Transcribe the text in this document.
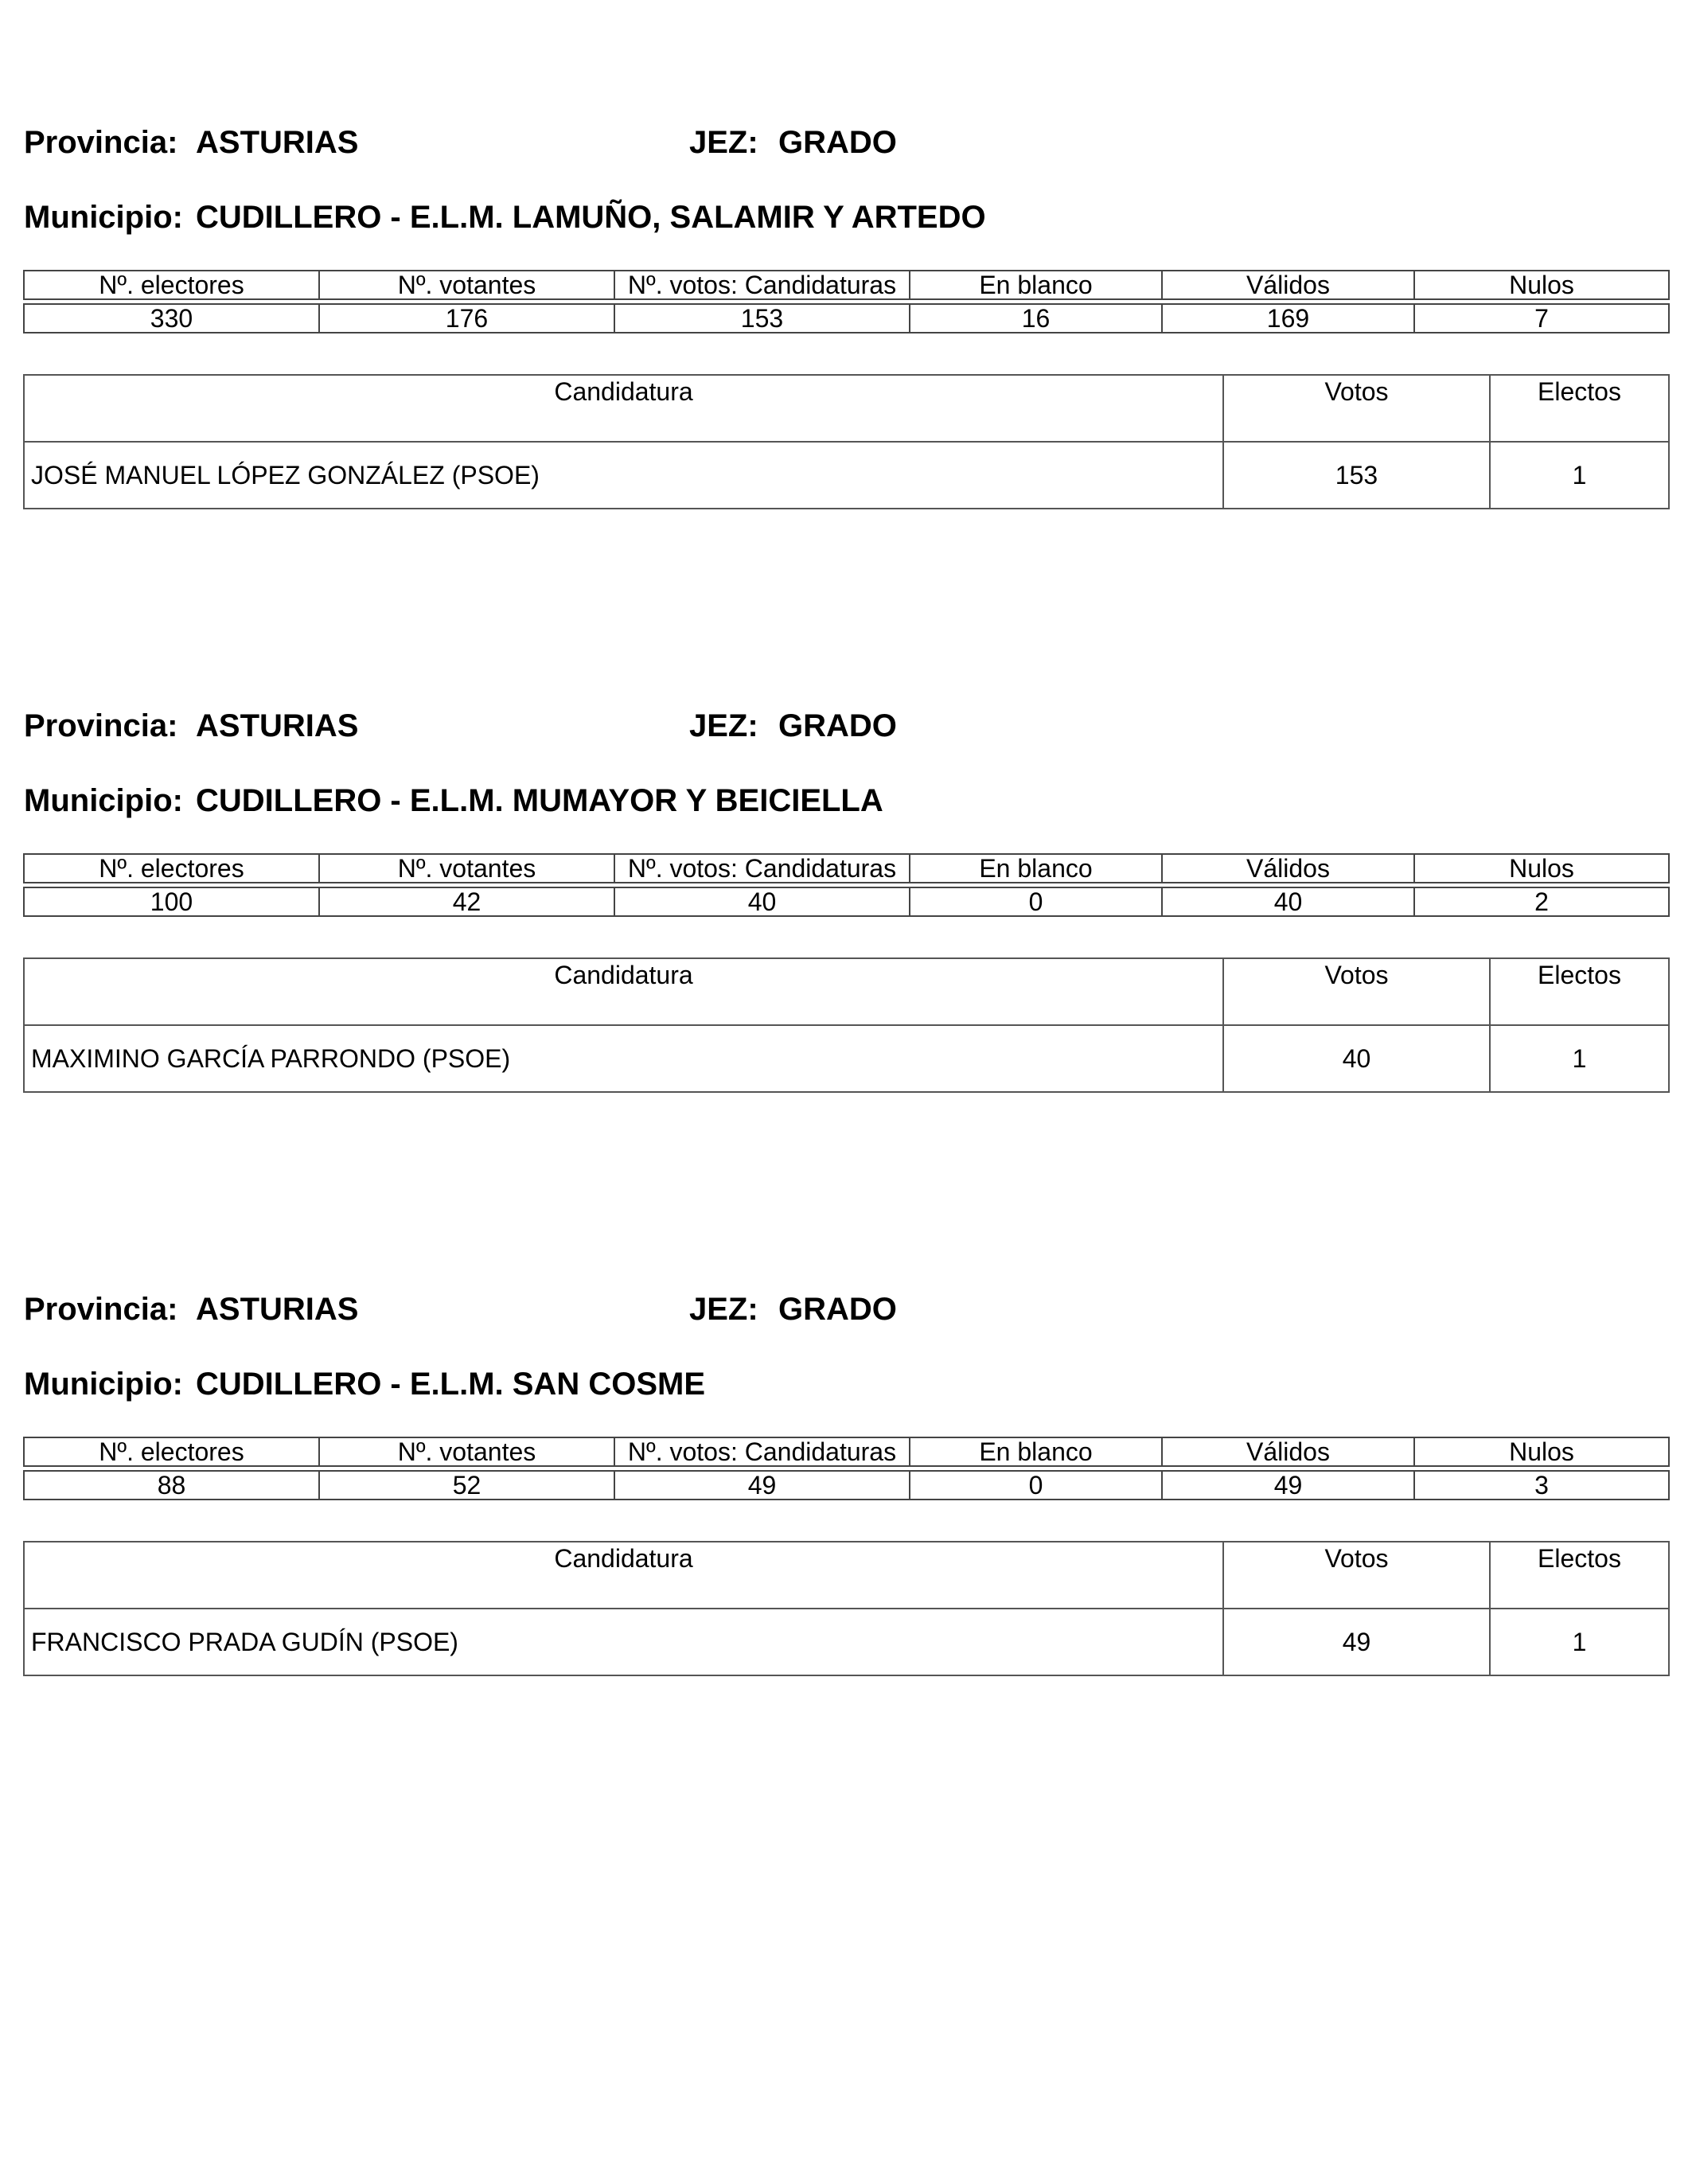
Provincia: ASTURIAS	JEZ: GRADO
Municipio: CUDILLERO - E.L.M. LAMUÑO, SALAMIR Y ARTEDO
Nº. electores	Nº. votantes	Nº. votos: Candidaturas	En blanco	Válidos	Nulos

330	176	153	16	169	7
Candidatura	Votos	Electos
JOSÉ MANUEL LÓPEZ GONZÁLEZ (PSOE)	153	1
Provincia: ASTURIAS	JEZ: GRADO
Municipio: CUDILLERO - E.L.M. MUMAYOR Y BEICIELLA
Nº. electores	Nº. votantes	Nº. votos: Candidaturas	En blanco	Válidos	Nulos

100	42	40	0	40	2
Candidatura	Votos	Electos
MAXIMINO GARCÍA PARRONDO (PSOE)	40	1
Provincia: ASTURIAS	JEZ: GRADO
Municipio: CUDILLERO - E.L.M. SAN COSME
Nº. electores	Nº. votantes	Nº. votos: Candidaturas	En blanco	Válidos	Nulos

88	52	49	0	49	3
Candidatura	Votos	Electos
FRANCISCO PRADA GUDÍN (PSOE)	49	1
